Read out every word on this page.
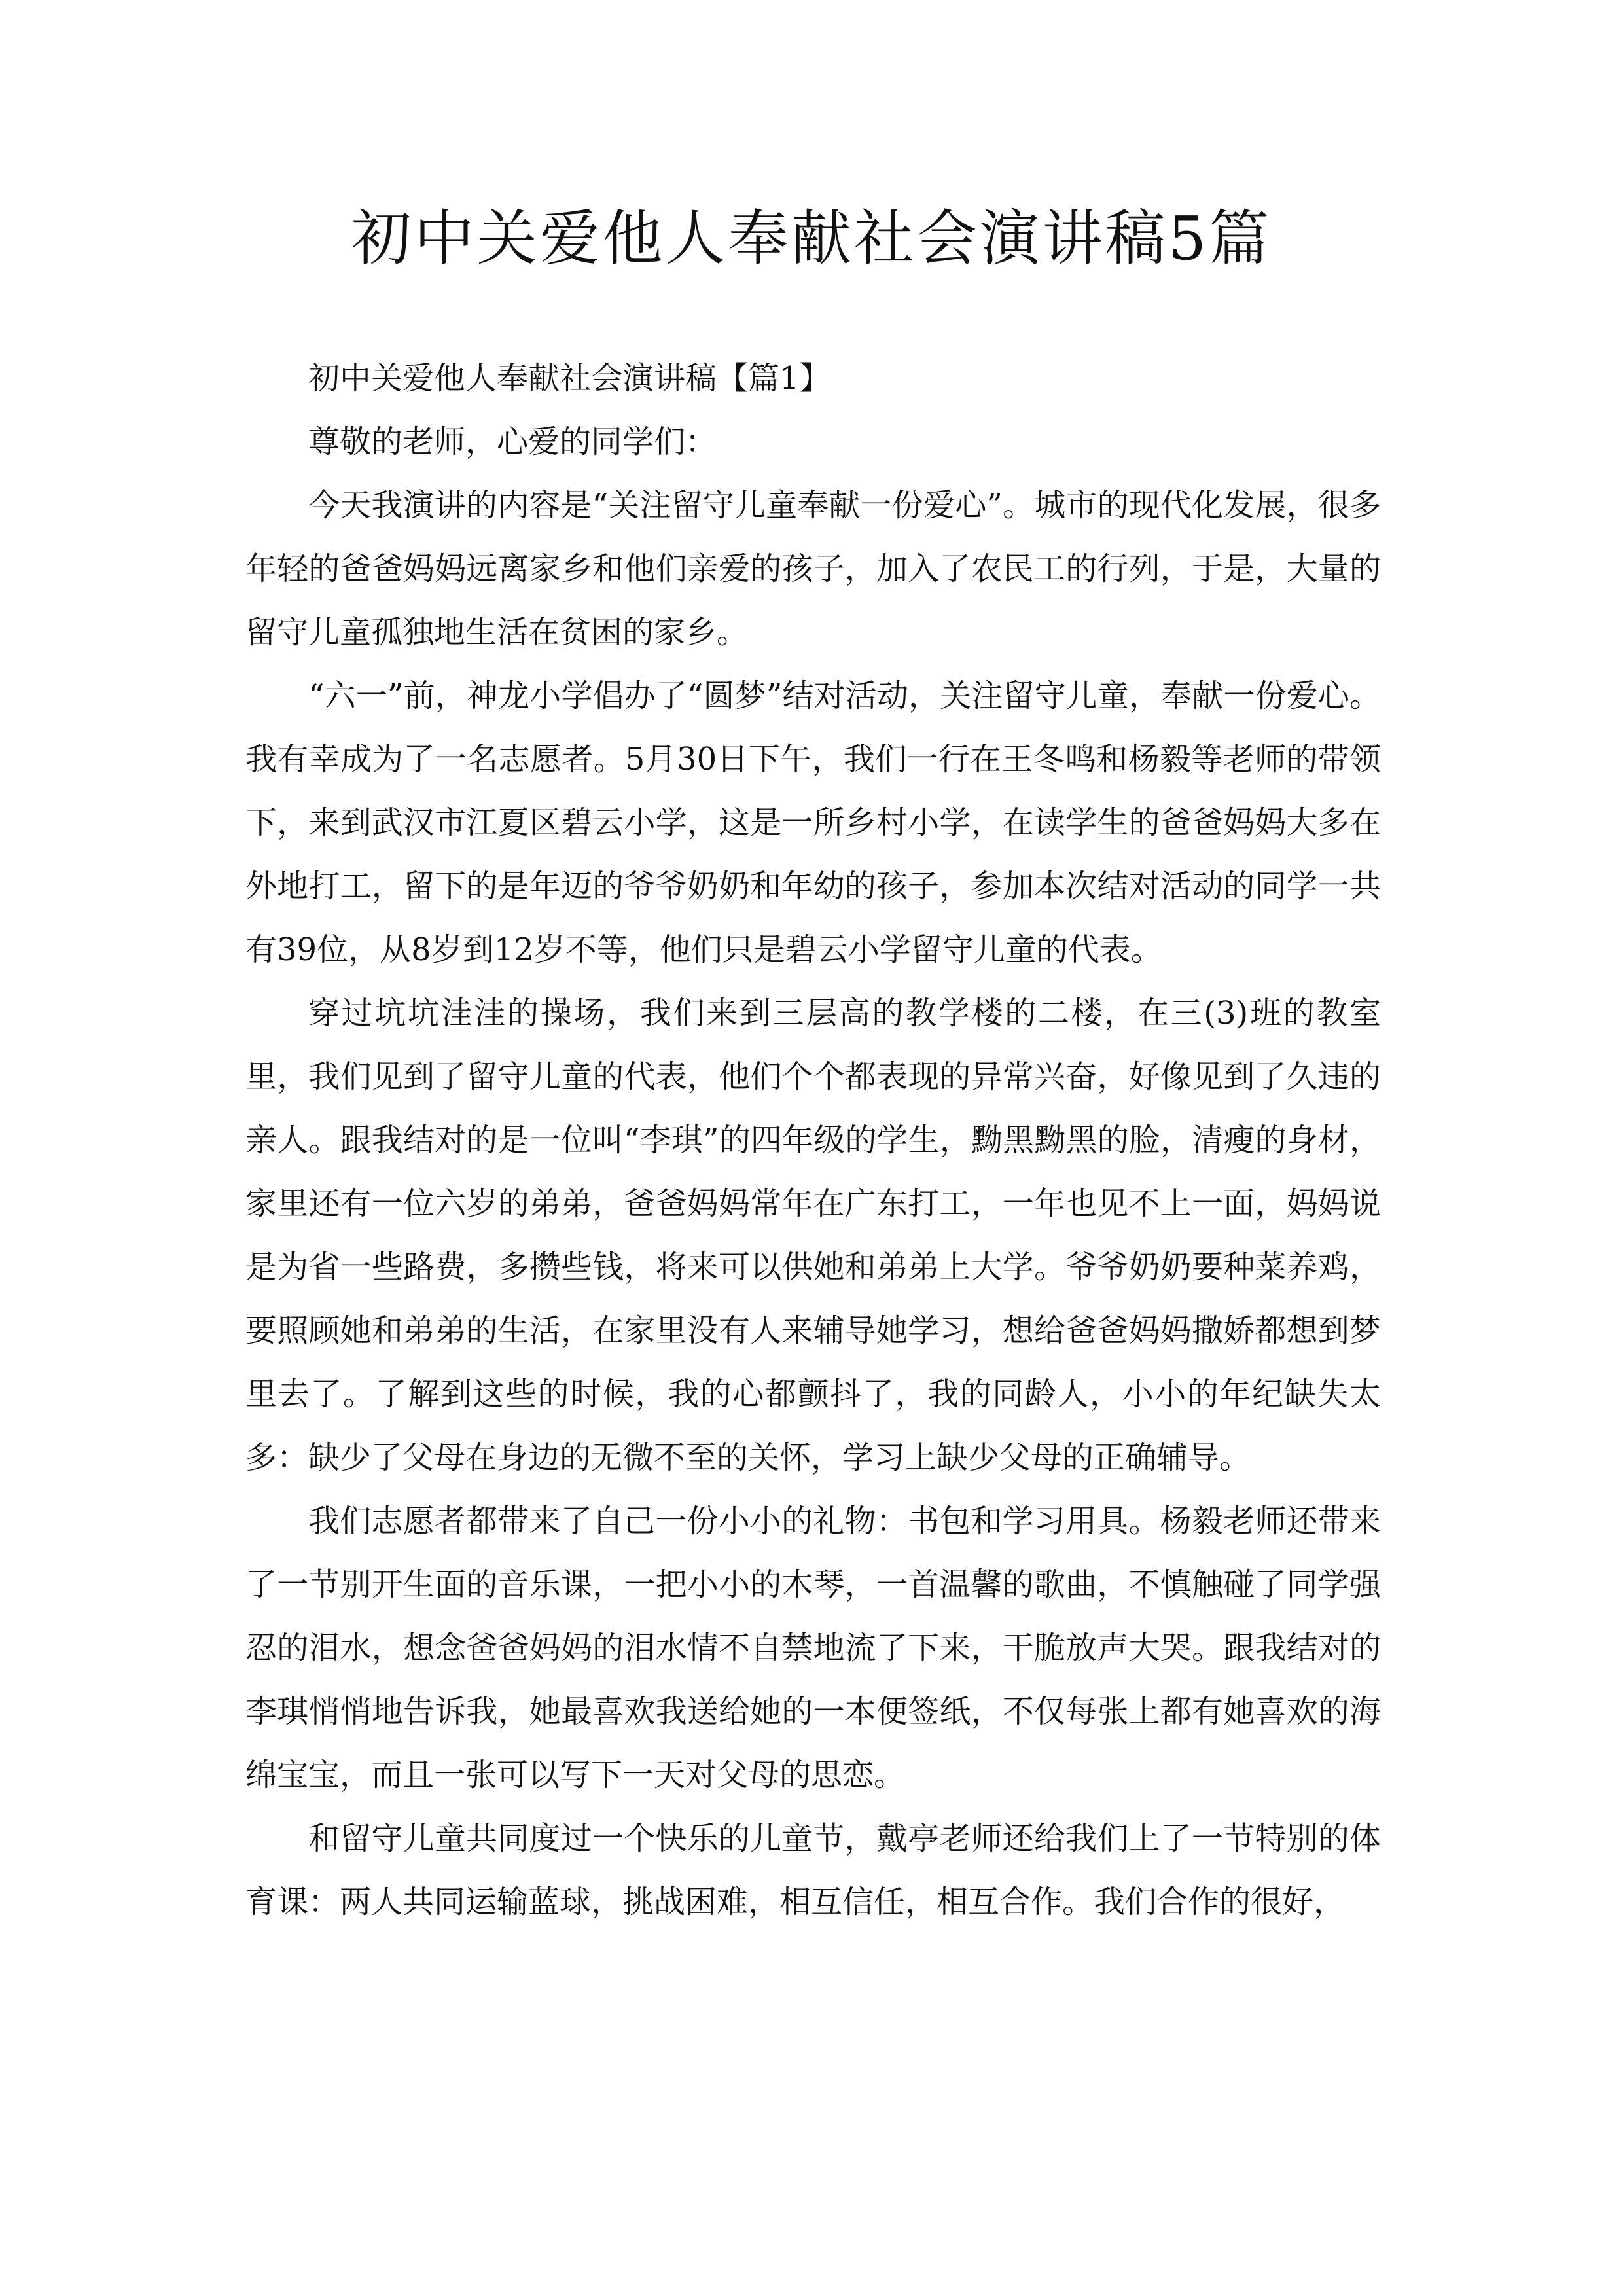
初中关爱他人奉献社会演讲稿5篇

初中关爱他人奉献社会演讲稿【篇1】

尊敬的老师，心爱的同学们：

今天我演讲的内容是“关注留守儿童奉献一份爱心”。城市的现代化发展，很多年轻的爸爸妈妈远离家乡和他们亲爱的孩子，加入了农民工的行列，于是，大量的留守儿童孤独地生活在贫困的家乡。

“六一”前，神龙小学倡办了“圆梦”结对活动，关注留守儿童，奉献一份爱心。我有幸成为了一名志愿者。5月30日下午，我们一行在王冬鸣和杨毅等老师的带领下，来到武汉市江夏区碧云小学，这是一所乡村小学，在读学生的爸爸妈妈大多在外地打工，留下的是年迈的爷爷奶奶和年幼的孩子，参加本次结对活动的同学一共有39位，从8岁到12岁不等，他们只是碧云小学留守儿童的代表。

穿过坑坑洼洼的操场，我们来到三层高的教学楼的二楼，在三(3)班的教室里，我们见到了留守儿童的代表，他们个个都表现的异常兴奋，好像见到了久违的亲人。跟我结对的是一位叫“李琪”的四年级的学生，黝黑黝黑的脸，清瘦的身材，家里还有一位六岁的弟弟，爸爸妈妈常年在广东打工，一年也见不上一面，妈妈说是为省一些路费，多攒些钱，将来可以供她和弟弟上大学。爷爷奶奶要种菜养鸡，要照顾她和弟弟的生活，在家里没有人来辅导她学习，想给爸爸妈妈撒娇都想到梦里去了。了解到这些的时候，我的心都颤抖了，我的同龄人，小小的年纪缺失太多：缺少了父母在身边的无微不至的关怀，学习上缺少父母的正确辅导。

我们志愿者都带来了自己一份小小的礼物：书包和学习用具。杨毅老师还带来了一节别开生面的音乐课，一把小小的木琴，一首温馨的歌曲，不慎触碰了同学强忍的泪水，想念爸爸妈妈的泪水情不自禁地流了下来，干脆放声大哭。跟我结对的李琪悄悄地告诉我，她最喜欢我送给她的一本便签纸，不仅每张上都有她喜欢的海绵宝宝，而且一张可以写下一天对父母的思恋。

和留守儿童共同度过一个快乐的儿童节，戴亭老师还给我们上了一节特别的体育课：两人共同运输蓝球，挑战困难，相互信任，相互合作。我们合作的很好，
